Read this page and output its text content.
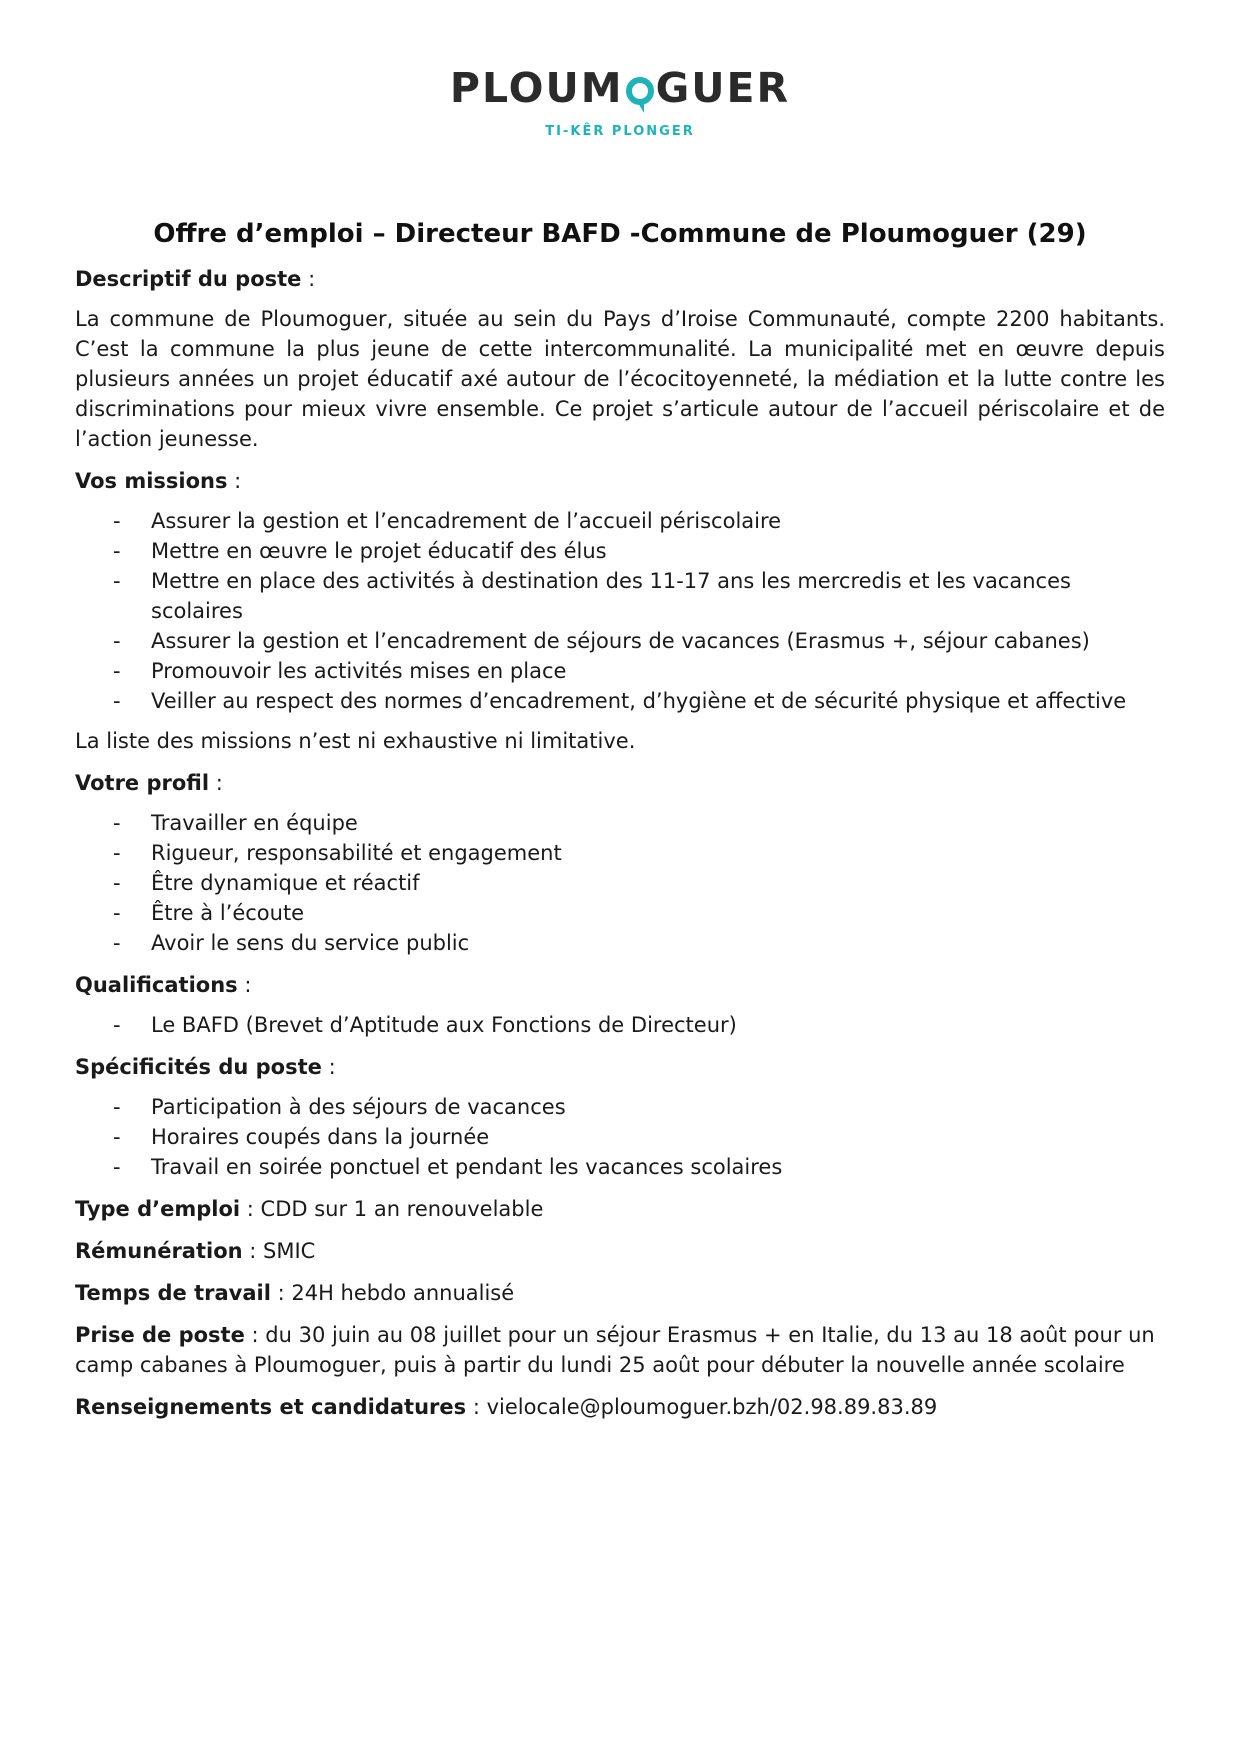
PLOUM GUER
TI-KÊR PLONGER
Offre d’emploi – Directeur BAFD -Commune de Ploumoguer (29)
Descriptif du poste :

La commune de Ploumoguer, située au sein du Pays d’Iroise Communauté, compte 2200 habitants. C’est la commune la plus jeune de cette intercommunalité. La municipalité met en œuvre depuis plusieurs années un projet éducatif axé autour de l’écocitoyenneté, la médiation et la lutte contre les discriminations pour mieux vivre ensemble. Ce projet s’articule autour de l’accueil périscolaire et de l’action jeunesse.

Vos missions :
- Assurer la gestion et l’encadrement de l’accueil périscolaire
- Mettre en œuvre le projet éducatif des élus
- Mettre en place des activités à destination des 11-17 ans les mercredis et les vacances scolaires
- Assurer la gestion et l’encadrement de séjours de vacances (Erasmus +, séjour cabanes)
- Promouvoir les activités mises en place
- Veiller au respect des normes d’encadrement, d’hygiène et de sécurité physique et affective

La liste des missions n’est ni exhaustive ni limitative.

Votre profil :
- Travailler en équipe
- Rigueur, responsabilité et engagement
- Être dynamique et réactif
- Être à l’écoute
- Avoir le sens du service public
Qualifications :
- Le BAFD (Brevet d’Aptitude aux Fonctions de Directeur)
Spécificités du poste :
- Participation à des séjours de vacances
- Horaires coupés dans la journée
- Travail en soirée ponctuel et pendant les vacances scolaires
Type d’emploi : CDD sur 1 an renouvelable
Rémunération : SMIC
Temps de travail : 24H hebdo annualisé
Prise de poste : du 30 juin au 08 juillet pour un séjour Erasmus + en Italie, du 13 au 18 août pour un camp cabanes à Ploumoguer, puis à partir du lundi 25 août pour débuter la nouvelle année scolaire
Renseignements et candidatures : vielocale@ploumoguer.bzh/02.98.89.83.89
